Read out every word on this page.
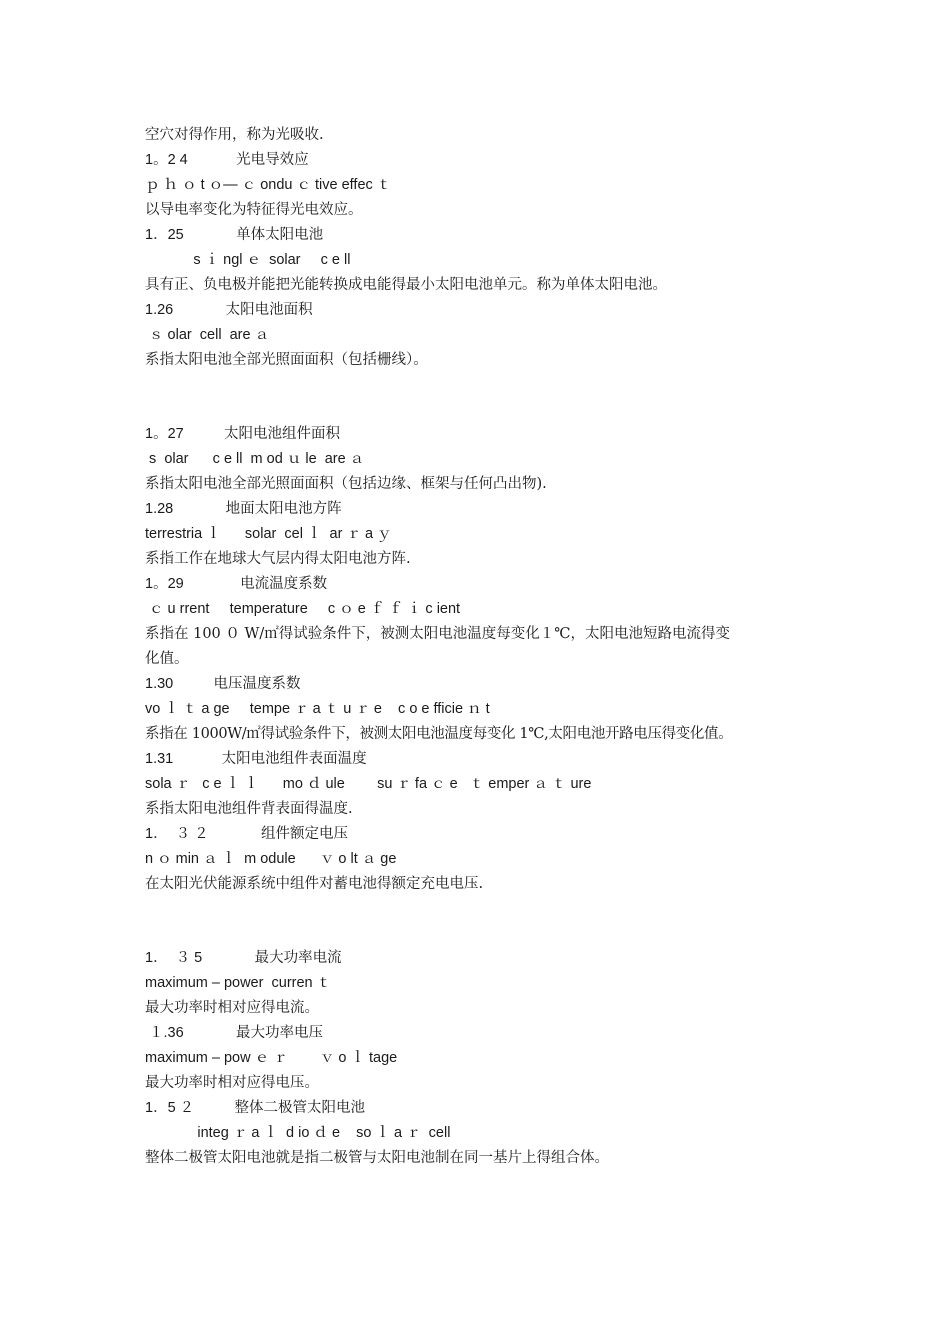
空穴对得作用，称为光吸收.
1。2 4            光电导效应
ｐ ｈ ｏ t ｏ— ｃ ondu ｃ tive effec ｔ
以导电率变化为特征得光电效应。
1．25             单体太阳电池
s ｉ ngl ｅ  solar     c e ll
具有正、负电极并能把光能转换成电能得最小太阳电池单元。称为单体太阳电池。
1.26             太阳电池面积
ｓ olar  cell  are ａ
系指太阳电池全部光照面面积（包括栅线）。
1。27          太阳电池组件面积
s  olar      c e ll  m od ｕ le  are ａ
系指太阳电池全部光照面面积（包括边缘、框架与任何凸出物).
1.28             地面太阳电池方阵
terrestria ｌ      solar  cel ｌ  ar ｒ a ｙ
系指工作在地球大气层内得太阳电池方阵.
1。29              电流温度系数
ｃ u rrent     temperature     c ｏ e ｆ ｆ ｉ c ient
系指在 100 ０ W/㎡得试验条件下，被测太阳电池温度每变化１℃，太阳电池短路电流得变
化值。
1.30          电压温度系数
vo ｌ ｔ a ge     tempe ｒ a ｔ u ｒ e    c o e fficie ｎ t
系指在 1000W/㎡得试验条件下，被测太阳电池温度每变化 1℃,太阳电池开路电压得变化值。
1.31            太阳电池组件表面温度
sola ｒ   c e ｌ ｌ      mo ｄ ule        su ｒ fa ｃ e   ｔ emper ａ ｔ ure
系指太阳电池组件背表面得温度.
1．  ３ ２             组件额定电压
n ｏ min ａ ｌ  m odule      ｖ o lt ａ ge
在太阳光伏能源系统中组件对蓄电池得额定充电电压.
1．  ３ 5             最大功率电流
maximum – power  curren ｔ
最大功率时相对应得电流。
１.36             最大功率电压
maximum – pow ｅ ｒ        ｖ o ｌ tage
最大功率时相对应得电压。
1．5 ２          整体二极管太阳电池
integ ｒ a ｌ  d io ｄ e    so ｌ a ｒ  cell
整体二极管太阳电池就是指二极管与太阳电池制在同一基片上得组合体。
